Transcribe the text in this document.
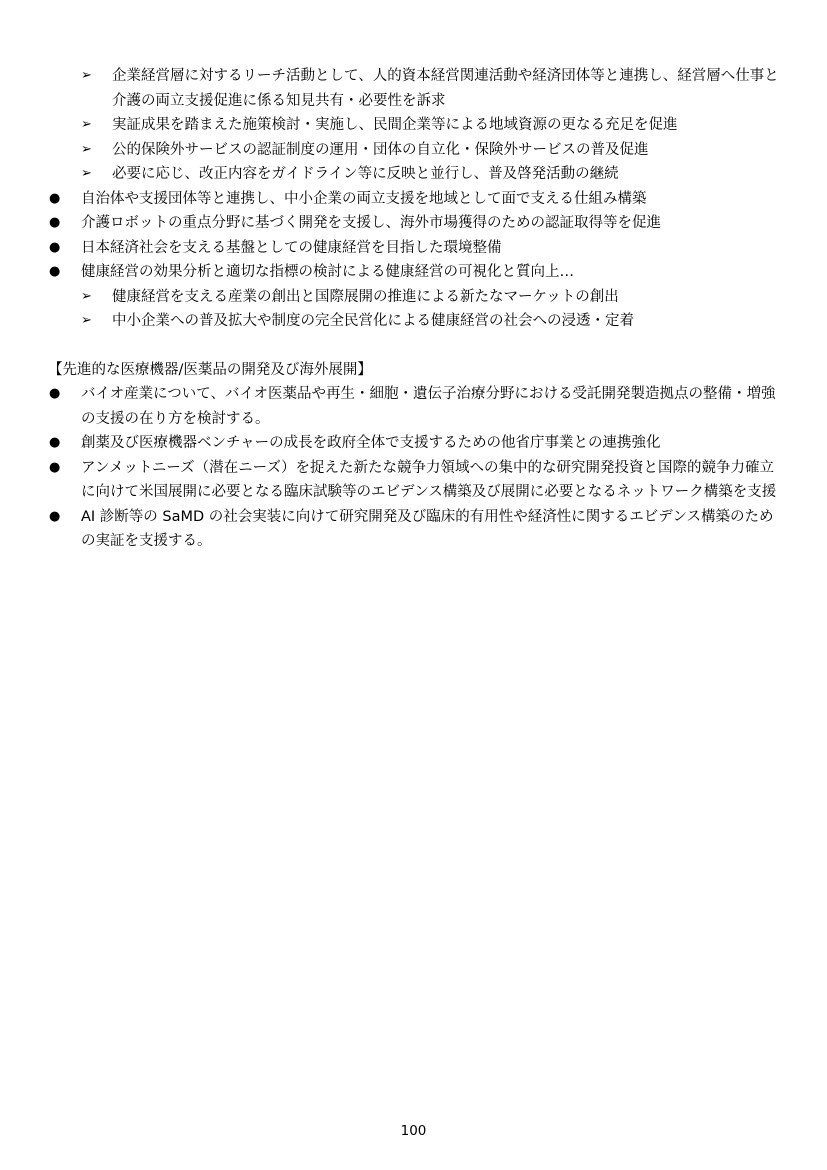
➢ 企業経営層に対するリーチ活動として、人的資本経営関連活動や経済団体等と連携し、経営層へ仕事と介護の両立支援促進に係る知見共有・必要性を訴求
➢ 実証成果を踏まえた施策検討・実施し、民間企業等による地域資源の更なる充足を促進
➢ 公的保険外サービスの認証制度の運用・団体の自立化・保険外サービスの普及促進
➢ 必要に応じ、改正内容をガイドライン等に反映と並行し、普及啓発活動の継続
● 自治体や支援団体等と連携し、中小企業の両立支援を地域として面で支える仕組み構築
● 介護ロボットの重点分野に基づく開発を支援し、海外市場獲得のための認証取得等を促進
● 日本経済社会を支える基盤としての健康経営を目指した環境整備
● 健康経営の効果分析と適切な指標の検討による健康経営の可視化と質向上…
➢ 健康経営を支える産業の創出と国際展開の推進による新たなマーケットの創出
➢ 中小企業への普及拡大や制度の完全民営化による健康経営の社会への浸透・定着

【先進的な医療機器/医薬品の開発及び海外展開】

● バイオ産業について、バイオ医薬品や再生・細胞・遺伝子治療分野における受託開発製造拠点の整備・増強の支援の在り方を検討する。
● 創薬及び医療機器ベンチャーの成長を政府全体で支援するための他省庁事業との連携強化
● アンメットニーズ（潜在ニーズ）を捉えた新たな競争力領域への集中的な研究開発投資と国際的競争力確立に向けて米国展開に必要となる臨床試験等のエビデンス構築及び展開に必要となるネットワーク構築を支援
● AI 診断等の SaMD の社会実装に向けて研究開発及び臨床的有用性や経済性に関するエビデンス構築のための実証を支援する。
100
